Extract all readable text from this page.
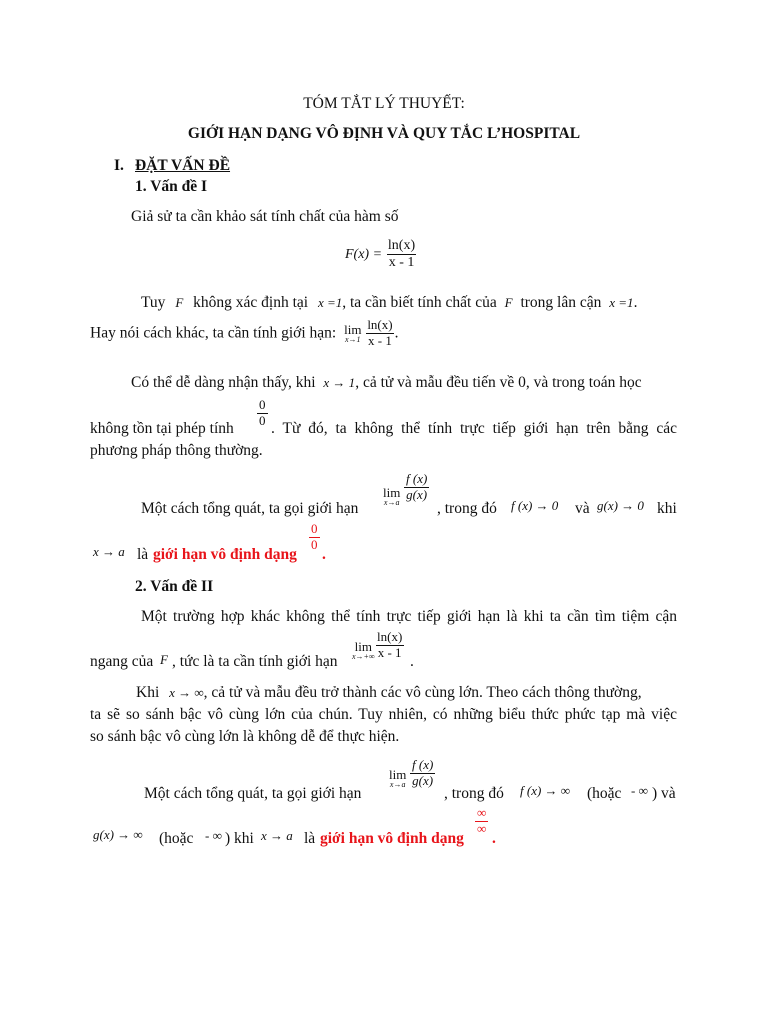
TÓM TẮT LÝ THUYẾT:
GIỚI HẠN DẠNG VÔ ĐỊNH VÀ QUY TẮC L’HOSPITAL
I. ĐẶT VẤN ĐỀ
1. Vấn đề I
Giả sử ta cần khảo sát tính chất của hàm số
$F(x) = \frac{\ln(x)}{x - 1}$
Tuy F không xác định tại x =1, ta cần biết tính chất của F trong lân cận x =1.
Hay nói cách khác, ta cần tính giới hạn: lim
x→1
$\frac{\ln(x)}{x - 1}$ .
Có thể dễ dàng nhận thấy, khi x → 1, cả tử và mẫu đều tiến về 0, và trong toán học
không tồn tại phép tính $\frac{0}{0}$ . Từ đó, ta không thể tính trực tiếp giới hạn trên bằng các
phương pháp thông thường.
Một cách tổng quát, ta gọi giới hạn
lim
$x\to a \frac{f (x)}{g(x)}$
, trong đó f (x) → 0 và g(x) → 0 khi
x → a là giới hạn vô định dạng
$\frac{0}{0}$
.
2. Vấn đề II
Một trường hợp khác không thể tính trực tiếp giới hạn là khi ta cần tìm tiệm cận
ngang của F , tức là ta cần tính giới hạn
lim
$x\to+\infty \frac{\ln(x)}{x - 1}$
.
Khi x → ∞, cả tử và mẫu đều trở thành các vô cùng lớn. Theo cách thông thường,
ta sẽ so sánh bậc vô cùng lớn của chún. Tuy nhiên, có những biểu thức phức tạp mà việc
so sánh bậc vô cùng lớn là không dễ để thực hiện.
Một cách tổng quát, ta gọi giới hạn
lim
$x\to a \frac{f (x)}{g(x)}$
, trong đó f (x) → ∞ (hoặc - ∞ ) và
g(x) → ∞ (hoặc - ∞ ) khi x → a là giới hạn vô định dạng
∞
∞
.
